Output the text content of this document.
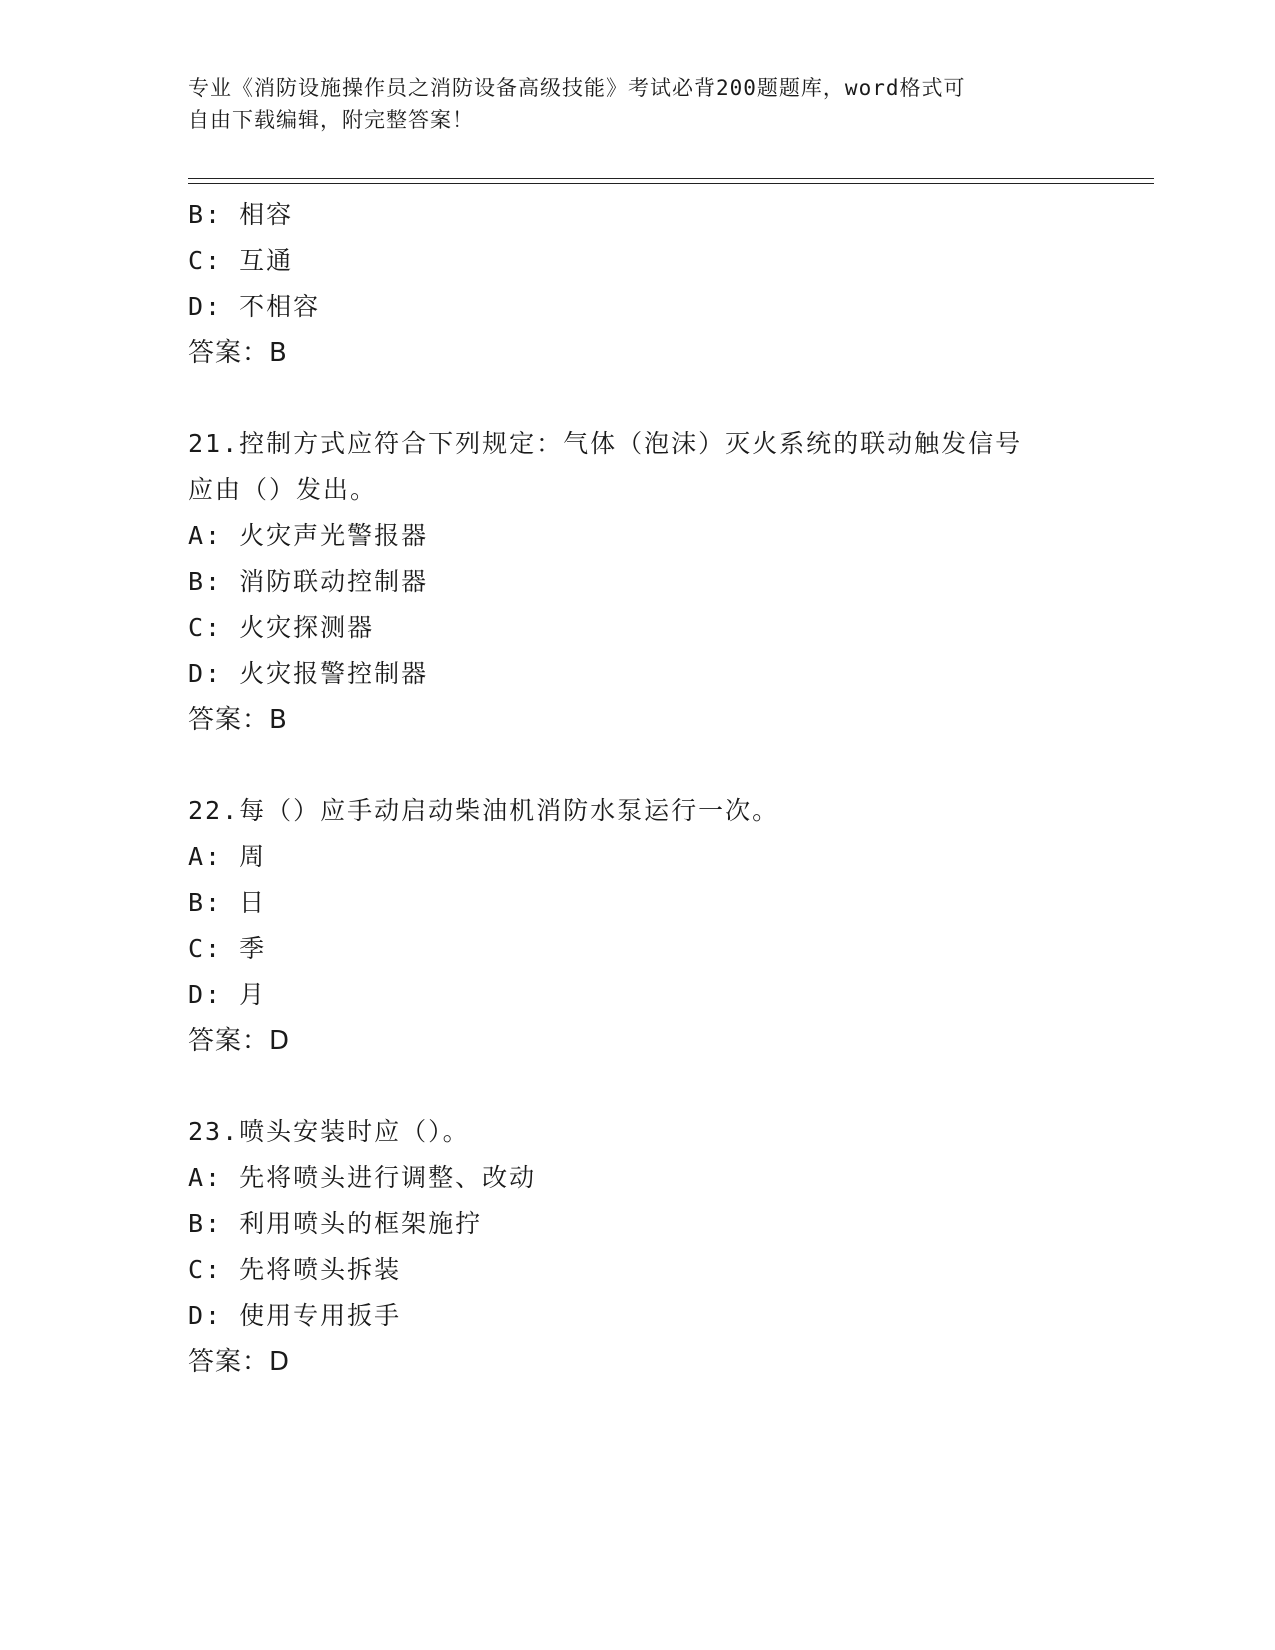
专业《消防设施操作员之消防设备高级技能》考试必背200题题库，word格式可
自由下载编辑，附完整答案！
B: 相容
C: 互通
D: 不相容
答案：B
21.控制方式应符合下列规定：气体（泡沫）灭火系统的联动触发信号
应由（）发出。
A: 火灾声光警报器
B: 消防联动控制器
C: 火灾探测器
D: 火灾报警控制器
答案：B
22.每（）应手动启动柴油机消防水泵运行一次。
A: 周
B: 日
C: 季
D: 月
答案：D
23.喷头安装时应（）。
A: 先将喷头进行调整、改动
B: 利用喷头的框架施拧
C: 先将喷头拆装
D: 使用专用扳手
答案：D
